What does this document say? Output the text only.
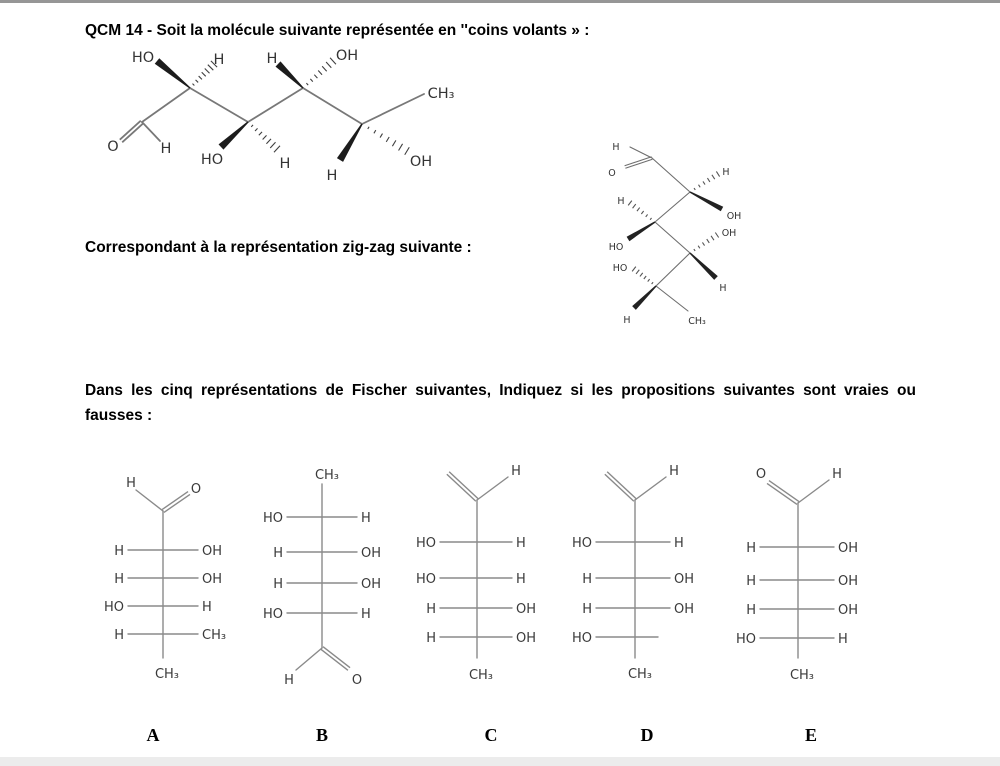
QCM 14 - Soit la molécule suivante représentée en ''coins volants » :
HO	H	H	OH
CH₃
O	H
HO	H
H
OH
H
O	H
OH
H
HO
OH
H
HO
H	CH₃
H	O
H	OH
H	OH
HO	H
H	CH₃
CH₃
CH₃
HO	H
H	OH
H	OH
HO	H
H	O
H
HO	H
HO	H
H	OH
H	OH
CH₃
H
HO	H
H	OH
H	OH
HO
CH₃
O	H
H	OH
H	OH
H	OH
HO	H
CH₃
Correspondant à la représentation zig-zag suivante :
Dans les cinq représentations de Fischer suivantes, Indiquez si les propositions suivantes sont vraies ou
fausses :
A	B	C	D	E
